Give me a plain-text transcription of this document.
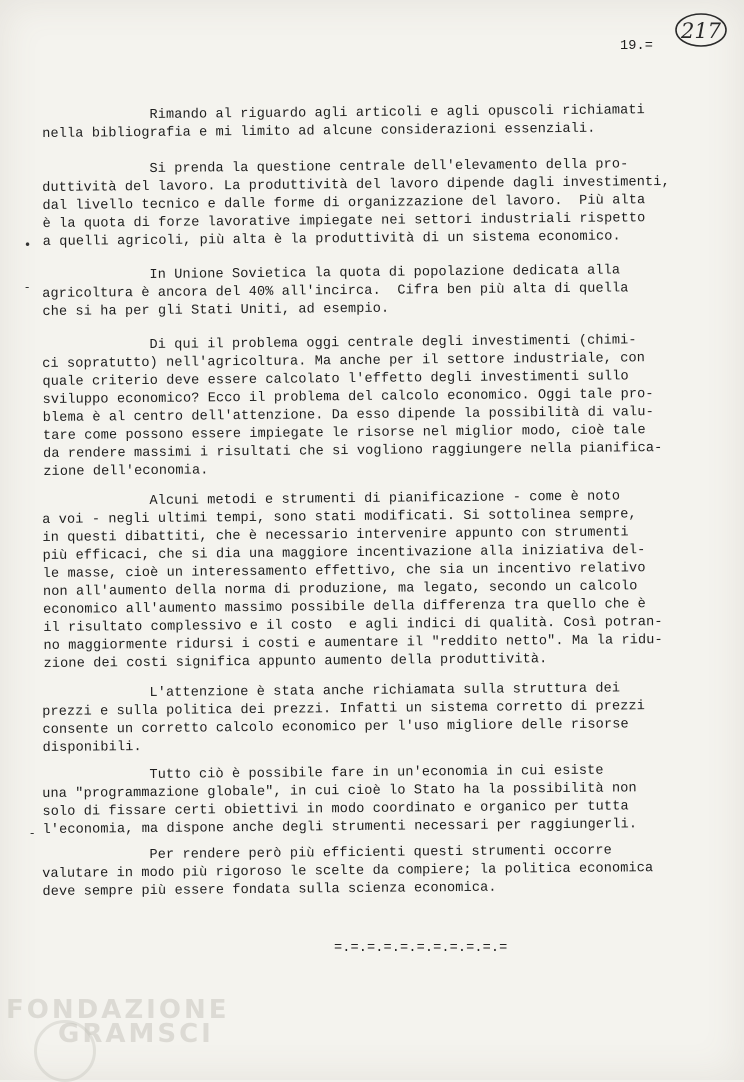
19.=
217
Rimando al riguardo agli articoli e agli opuscoli richiamati
nella bibliografia e mi limito ad alcune considerazioni essenziali.
Si prenda la questione centrale dell'elevamento della pro-
duttività del lavoro. La produttività del lavoro dipende dagli investimenti,
dal livello tecnico e dalle forme di organizzazione del lavoro.  Più alta
è la quota di forze lavorative impiegate nei settori industriali rispetto
a quelli agricoli, più alta è la produttività di un sistema economico.
In Unione Sovietica la quota di popolazione dedicata alla
agricoltura è ancora del 40% all'incirca.  Cifra ben più alta di quella
che si ha per gli Stati Uniti, ad esempio.
Di qui il problema oggi centrale degli investimenti (chimi-
ci sopratutto) nell'agricoltura. Ma anche per il settore industriale, con
quale criterio deve essere calcolato l'effetto degli investimenti sullo
sviluppo economico? Ecco il problema del calcolo economico. Oggi tale pro-
blema è al centro dell'attenzione. Da esso dipende la possibilità di valu-
tare come possono essere impiegate le risorse nel miglior modo, cioè tale
da rendere massimi i risultati che si vogliono raggiungere nella pianifica-
zione dell'economia.
Alcuni metodi e strumenti di pianificazione - come è noto
a voi - negli ultimi tempi, sono stati modificati. Si sottolinea sempre,
in questi dibattiti, che è necessario intervenire appunto con strumenti
più efficaci, che si dia una maggiore incentivazione alla iniziativa del-
le masse, cioè un interessamento effettivo, che sia un incentivo relativo
non all'aumento della norma di produzione, ma legato, secondo un calcolo
economico all'aumento massimo possibile della differenza tra quello che è
il risultato complessivo e il costo  e agli indici di qualità. Così potran-
no maggiormente ridursi i costi e aumentare il "reddito netto". Ma la ridu-
zione dei costi significa appunto aumento della produttività.
L'attenzione è stata anche richiamata sulla struttura dei
prezzi e sulla politica dei prezzi. Infatti un sistema corretto di prezzi
consente un corretto calcolo economico per l'uso migliore delle risorse
disponibili.
Tutto ciò è possibile fare in un'economia in cui esiste
una "programmazione globale", in cui cioè lo Stato ha la possibilità non
solo di fissare certi obiettivi in modo coordinato e organico per tutta
l'economia, ma dispone anche degli strumenti necessari per raggiungerli.
Per rendere però più efficienti questi strumenti occorre
valutare in modo più rigoroso le scelte da compiere; la politica economica
deve sempre più essere fondata sulla scienza economica.
=.=.=.=.=.=.=.=.=.=.=
•
-
-
FONDAZIONE
GRAMSCI
